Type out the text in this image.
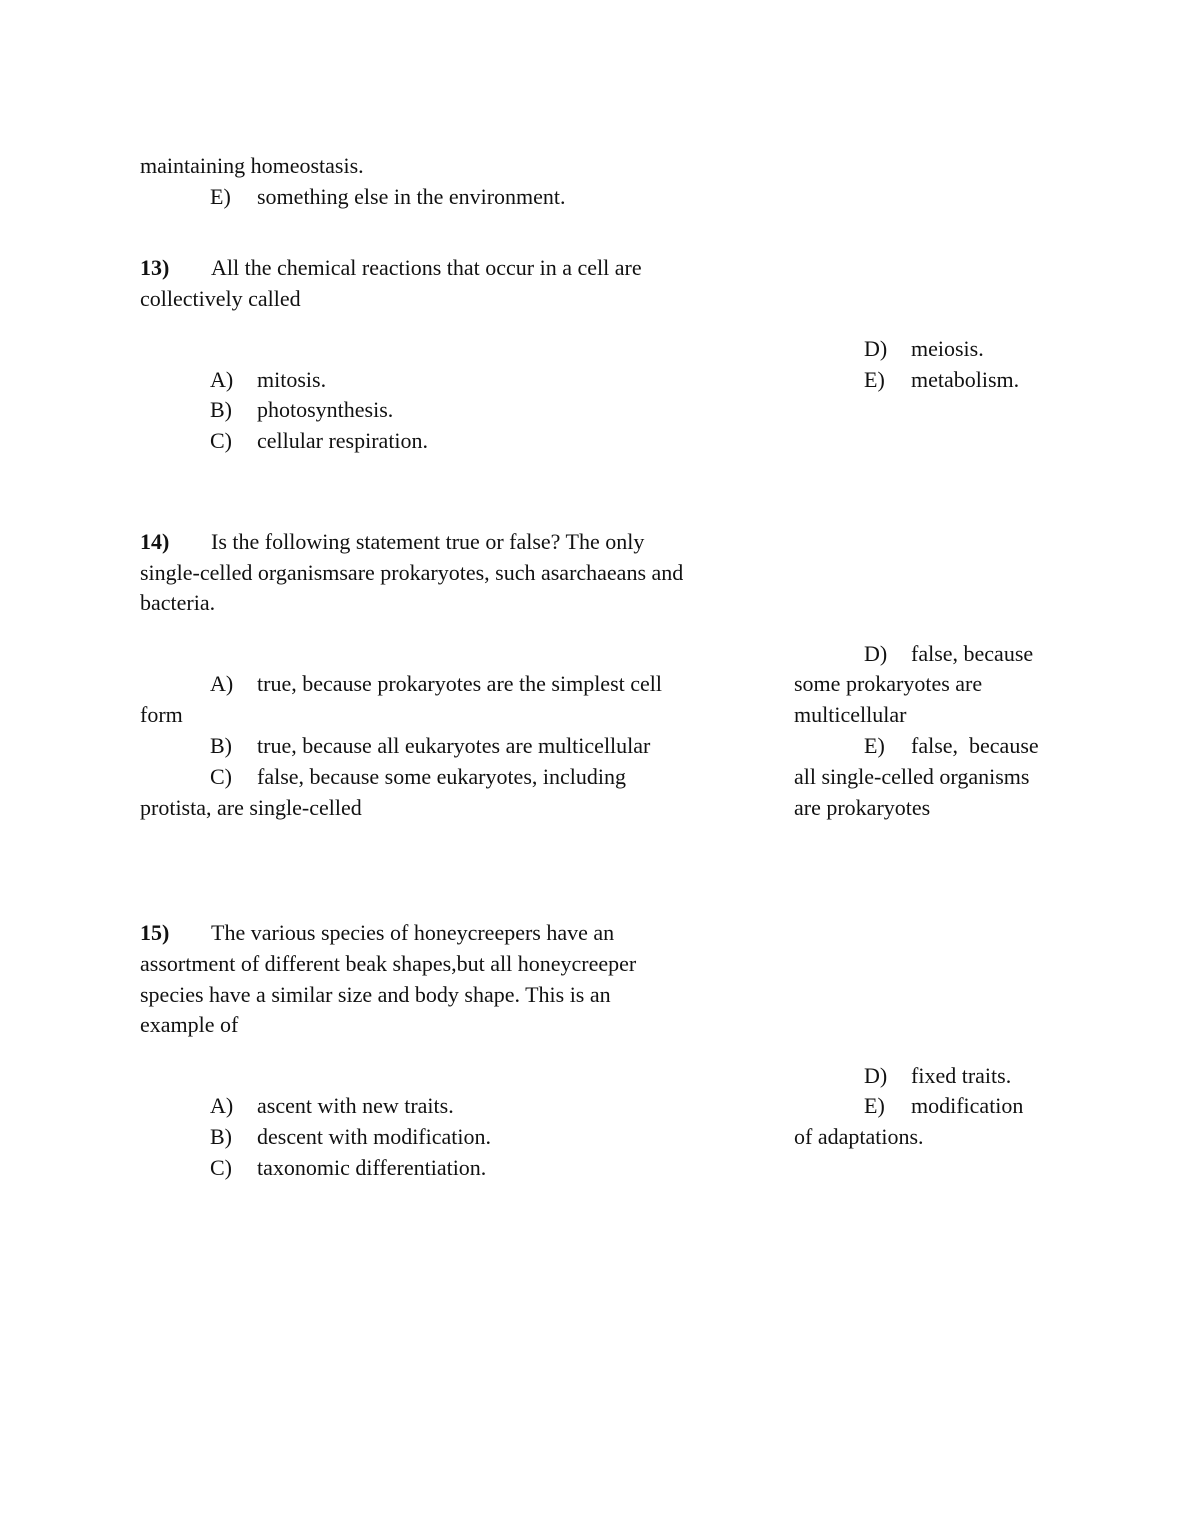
maintaining homeostasis.

E) something else in the environment.

13) All the chemical reactions that occur in a cell are

collectively called

D) meiosis.

A) mitosis.	E) metabolism.

B) photosynthesis.

C) cellular respiration.

14) Is the following statement true or false? The only

single-celled organismsare prokaryotes, such asarchaeans and

bacteria.

D) false, because

A) true, because prokaryotes are the simplest cell	some prokaryotes are

form	multicellular

B) true, because all eukaryotes are multicellular	E) false,  because

C) false, because some eukaryotes, including	all single-celled organisms

protista, are single-celled	are prokaryotes

15) The various species of honeycreepers have an

assortment of different beak shapes,but all honeycreeper

species have a similar size and body shape. This is an

example of

D) fixed traits.

A) ascent with new traits.	E) modification

B) descent with modification.	of adaptations.

C) taxonomic differentiation.
